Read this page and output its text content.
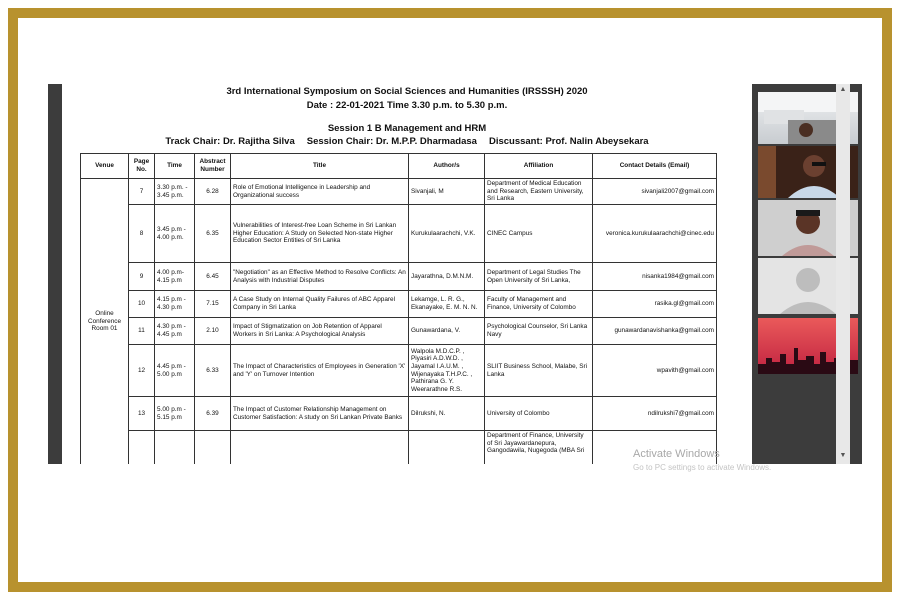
3rd International Symposium on Social Sciences and Humanities (IRSSSH) 2020
Date : 22-01-2021 Time 3.30 p.m. to 5.30 p.m.
Session 1 B Management and HRM
Track Chair: Dr. Rajitha Silva Session Chair: Dr. M.P.P. Dharmadasa Discussant: Prof. Nalin Abeysekara
Venue	Page No.	Time	Abstract Number	Title	Author/s	Affiliation	Contact Details (Email)
Online Conference Room 01	7	3.30 p.m. - 3.45 p.m.	6.28	Role of Emotional Intelligence in Leadership and Organizational success	Sivanjali, M	Department of Medical Education and Research, Eastern University, Sri Lanka	sivanjali2007@gmail.com
	8	3.45 p.m - 4.00 p.m.	6.35	Vulnerabilities of Interest-free Loan Scheme in Sri Lankan Higher Education: A Study on Selected Non-state Higher Education Sector Entities of Sri Lanka	Kurukulaarachchi, V.K.	CINEC Campus	veronica.kurukulaarachchi@cinec.edu
	9	4.00 p.m- 4.15 p.m	6.45	"Negotiation" as an Effective Method to Resolve Conflicts: An Analysis with Industrial Disputes	Jayarathna, D.M.N.M.	Department of Legal Studies The Open University of Sri Lanka,	nisanka1984@gmail.com
	10	4.15 p.m - 4.30 p.m	7.15	A Case Study on Internal Quality Failures of ABC Apparel Company in Sri Lanka	Lekamge, L. R. G., Ekanayake, E. M. N. N.	Faculty of Management and Finance, University of Colombo	rasika.gl@gmail.com
	11	4.30 p.m - 4.45 p.m	2.10	Impact of Stigmatization on Job Retention of Apparel Workers in Sri Lanka: A Psychological Analysis	Gunawardana, V.	Psychological Counselor, Sri Lanka Navy	gunawardanavishanka@gmail.com
	12	4.45 p.m - 5.00 p.m	6.33	The Impact of Characteristics of Employees in Generation 'X' and 'Y' on Turnover Intention	Walpola M.D.C.P. , Piyasiri A.D.W.D. , Jayamal I.A.U.M. , Wijenayaka T.H.P.C. , Pathirana G. Y. Weerarathne R.S.	SLIIT Business School, Malabe, Sri Lanka	wpavith@gmail.com
	13	5.00 p.m - 5.15 p.m	6.39	The Impact of Customer Relationship Management on Customer Satisfaction: A study on Sri Lankan Private Banks	Dilrukshi, N.	University of Colombo	ndilrukshi7@gmail.com
						Department of Finance, University of Sri Jayawardanepura, Gangodawila, Nugegoda (MBA Sri	
▲
▼
Activate Windows
Go to PC settings to activate Windows.
